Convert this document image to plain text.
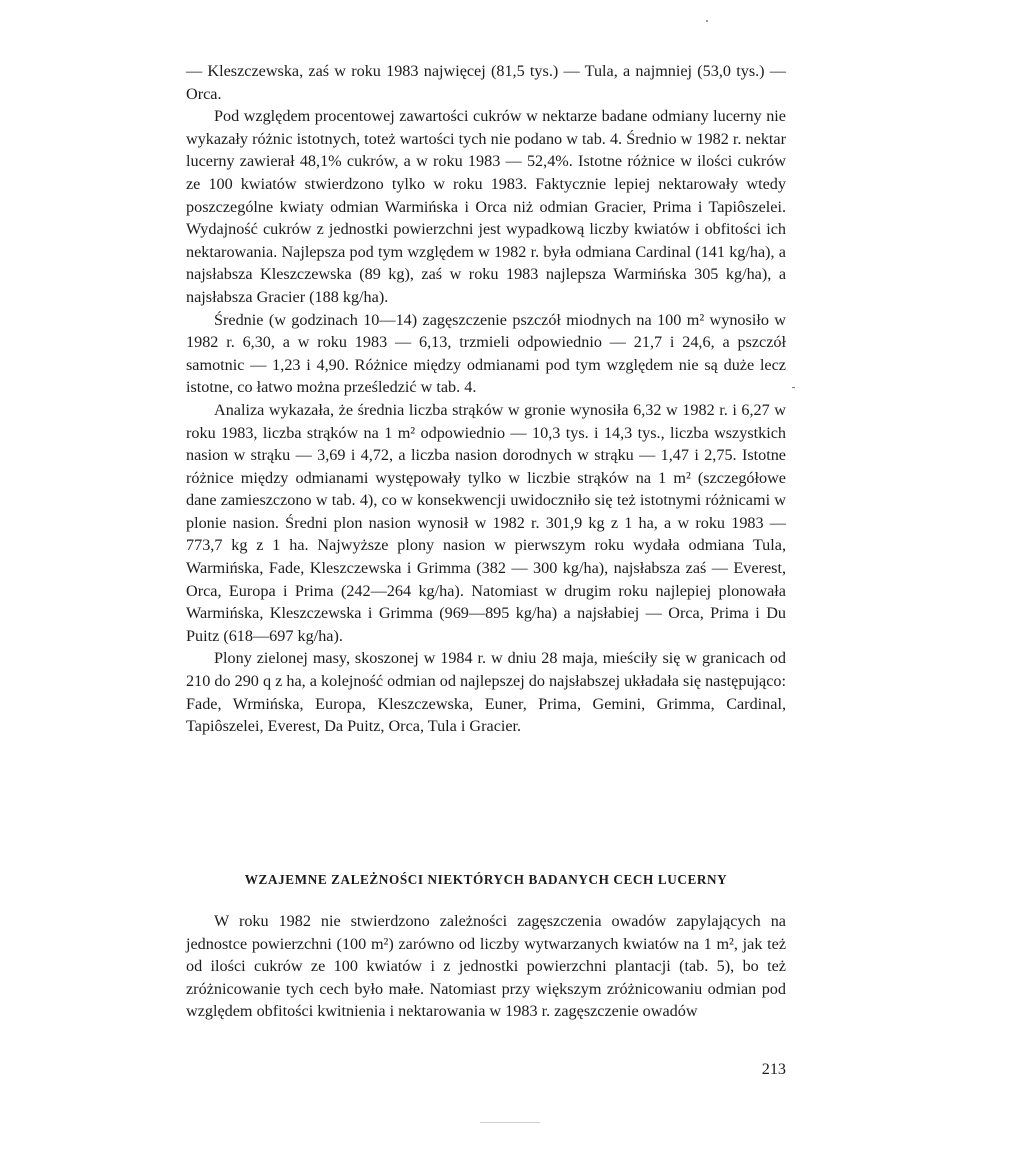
— Kleszczewska, zaś w roku 1983 najwięcej (81,5 tys.) — Tula, a najmniej (53,0 tys.) — Orca.

Pod względem procentowej zawartości cukrów w nektarze badane odmiany lucerny nie wykazały różnic istotnych, toteż wartości tych nie podano w tab. 4. Średnio w 1982 r. nektar lucerny zawierał 48,1% cukrów, a w roku 1983 — 52,4%. Istotne różnice w ilości cukrów ze 100 kwiatów stwierdzono tylko w roku 1983. Faktycznie lepiej nektarowały wtedy poszczególne kwiaty odmian Warmińska i Orca niż odmian Gracier, Prima i Tapiôszelei. Wydajność cukrów z jednostki powierzchni jest wypadkową liczby kwiatów i obfitości ich nektarowania. Najlepsza pod tym względem w 1982 r. była odmiana Cardinal (141 kg/ha), a najsłabsza Kleszczewska (89 kg), zaś w roku 1983 najlepsza Warmińska 305 kg/ha), a najsłabsza Gracier (188 kg/ha).

Średnie (w godzinach 10—14) zagęszczenie pszczół miodnych na 100 m² wynosiło w 1982 r. 6,30, a w roku 1983 — 6,13, trzmieli odpowiednio — 21,7 i 24,6, a pszczół samotnic — 1,23 i 4,90. Różnice między odmianami pod tym względem nie są duże lecz istotne, co łatwo można prześledzić w tab. 4.

Analiza wykazała, że średnia liczba strąków w gronie wynosiła 6,32 w 1982 r. i 6,27 w roku 1983, liczba strąków na 1 m² odpowiednio — 10,3 tys. i 14,3 tys., liczba wszystkich nasion w strąku — 3,69 i 4,72, a liczba nasion dorodnych w strąku — 1,47 i 2,75. Istotne różnice między odmianami występowały tylko w liczbie strąków na 1 m² (szczegółowe dane zamieszczono w tab. 4), co w konsekwencji uwidoczniło się też istotnymi różnicami w plonie nasion. Średni plon nasion wynosił w 1982 r. 301,9 kg z 1 ha, a w roku 1983 — 773,7 kg z 1 ha. Najwyższe plony nasion w pierwszym roku wydała odmiana Tula, Warmińska, Fade, Kleszczewska i Grimma (382 — 300 kg/ha), najsłabsza zaś — Everest, Orca, Europa i Prima (242—264 kg/ha). Natomiast w drugim roku najlepiej plonowała Warmińska, Kleszczewska i Grimma (969—895 kg/ha) a najsłabiej — Orca, Prima i Du Puitz (618—697 kg/ha).

Plony zielonej masy, skoszonej w 1984 r. w dniu 28 maja, mieściły się w granicach od 210 do 290 q z ha, a kolejność odmian od najlepszej do najsłabszej układała się następująco: Fade, Wrmińska, Europa, Kleszczewska, Euner, Prima, Gemini, Grimma, Cardinal, Tapiôszelei, Everest, Da Puitz, Orca, Tula i Gracier.

WZAJEMNE ZALEŻNOŚCI NIEKTÓRYCH BADANYCH CECH LUCERNY

W roku 1982 nie stwierdzono zależności zagęszczenia owadów zapylających na jednostce powierzchni (100 m²) zarówno od liczby wytwarzanych kwiatów na 1 m², jak też od ilości cukrów ze 100 kwiatów i z jednostki powierzchni plantacji (tab. 5), bo też zróżnicowanie tych cech było małe. Natomiast przy większym zróżnicowaniu odmian pod względem obfitości kwitnienia i nektarowania w 1983 r. zagęszczenie owadów

213
